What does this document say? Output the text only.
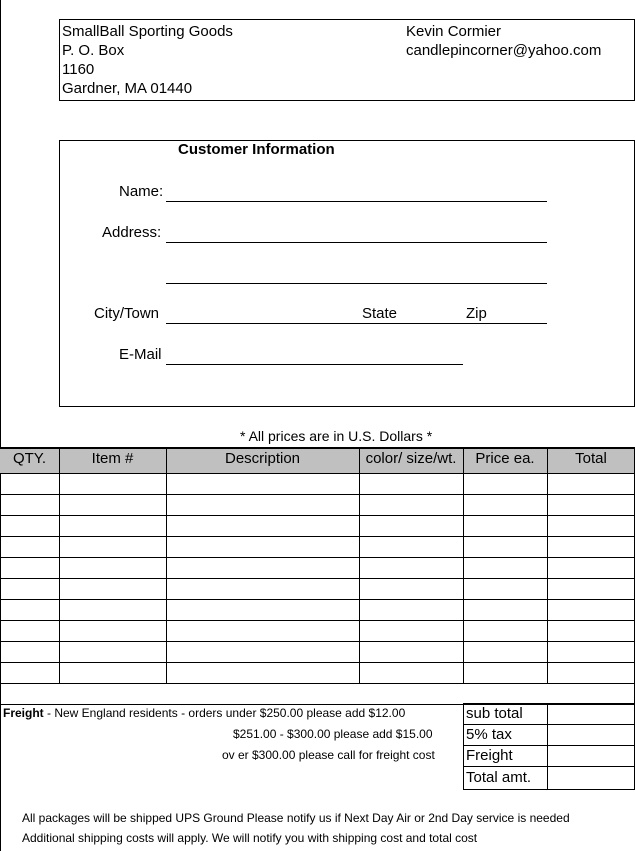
SmallBall Sporting Goods
P. O. Box
1160
Gardner, MA 01440
Kevin Cormier
candlepincorner@yahoo.com
Customer Information
Name:
Address:
City/Town	State	Zip
E-Mail
* All prices are in U.S. Dollars *
QTY.	Item #	Description	color/ size/wt.	Price ea.	Total
Freight - New England residents - orders under $250.00 please add $12.00
$251.00 - $300.00 please add $15.00
ov er $300.00 please call for freight cost
sub total
5% tax
Freight
Total amt.
All packages will be shipped UPS Ground Please notify us if Next Day Air or 2nd Day service is needed
Additional shipping costs will apply. We will notify you with shipping cost and total cost
